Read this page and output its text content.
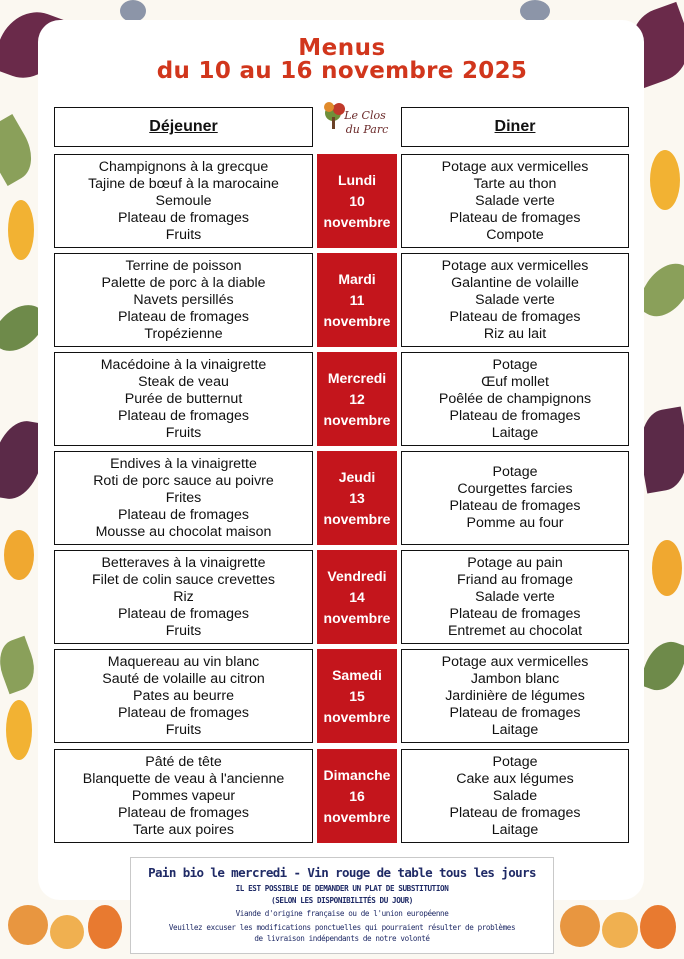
Menus
du 10 au 16 novembre 2025
Déjeuner
Le Clos
du Parc	Diner
Champignons à la grecque
Tajine de bœuf à la marocaine
Semoule
Plateau de fromages
Fruits
Lundi
10
novembre
Potage aux vermicelles
Tarte au thon
Salade verte
Plateau de fromages
Compote
Terrine de poisson
Palette de porc à la diable
Navets persillés
Plateau de fromages
Tropézienne
Mardi
11
novembre
Potage aux vermicelles
Galantine de volaille
Salade verte
Plateau de fromages
Riz au lait
Macédoine à la vinaigrette
Steak de veau
Purée de butternut
Plateau de fromages
Fruits
Mercredi
12
novembre
Potage
Œuf mollet
Poêlée de champignons
Plateau de fromages
Laitage
Endives à la vinaigrette
Roti de porc sauce au poivre
Frites
Plateau de fromages
Mousse au chocolat maison
Jeudi
13
novembre
Potage
Courgettes farcies
Plateau de fromages
Pomme au four
Betteraves à la vinaigrette
Filet de colin sauce crevettes
Riz
Plateau de fromages
Fruits
Vendredi
14
novembre
Potage au pain
Friand au fromage
Salade verte
Plateau de fromages
Entremet au chocolat
Maquereau au vin blanc
Sauté de volaille au citron
Pates au beurre
Plateau de fromages
Fruits
Samedi
15
novembre
Potage aux vermicelles
Jambon blanc
Jardinière de légumes
Plateau de fromages
Laitage
Pâté de tête
Blanquette de veau à l'ancienne
Pommes vapeur
Plateau de fromages
Tarte aux poires
Dimanche
16
novembre
Potage
Cake aux légumes
Salade
Plateau de fromages
Laitage
Pain bio le mercredi - Vin rouge de table tous les jours
IL EST POSSIBLE DE DEMANDER UN PLAT DE SUBSTITUTION
(SELON LES DISPONIBILITÉS DU JOUR)
Viande d'origine française ou de l'union européenne
Veuillez excuser les modifications ponctuelles qui pourraient résulter de problèmes
de livraison indépendants de notre volonté
